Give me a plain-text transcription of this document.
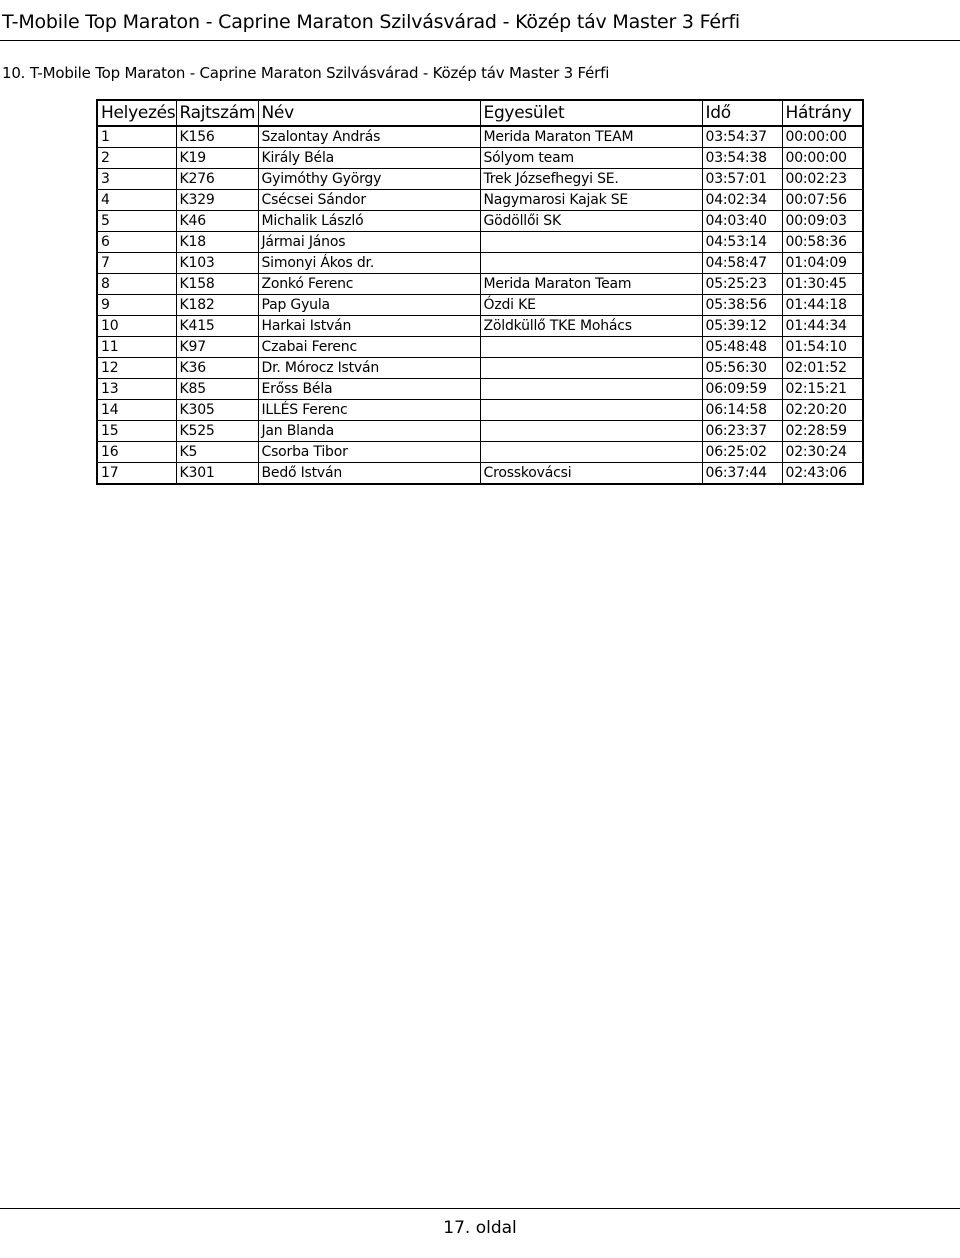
T-Mobile Top Maraton - Caprine Maraton Szilvásvárad - Közép táv Master 3 Férfi
10. T-Mobile Top Maraton - Caprine Maraton Szilvásvárad - Közép táv Master 3 Férfi
Helyezés	Rajtszám	Név	Egyesület	Idő	Hátrány
1	K156	Szalontay András	Merida Maraton TEAM	03:54:37	00:00:00
2	K19	Király Béla	Sólyom team	03:54:38	00:00:00
3	K276	Gyimóthy György	Trek Józsefhegyi SE.	03:57:01	00:02:23
4	K329	Csécsei Sándor	Nagymarosi Kajak SE	04:02:34	00:07:56
5	K46	Michalik László	Gödöllői SK	04:03:40	00:09:03
6	K18	Jármai János		04:53:14	00:58:36
7	K103	Simonyi Ákos dr.		04:58:47	01:04:09
8	K158	Zonkó Ferenc	Merida Maraton Team	05:25:23	01:30:45
9	K182	Pap Gyula	Ózdi KE	05:38:56	01:44:18
10	K415	Harkai István	Zöldküllő TKE Mohács	05:39:12	01:44:34
11	K97	Czabai Ferenc		05:48:48	01:54:10
12	K36	Dr. Mórocz István		05:56:30	02:01:52
13	K85	Erőss Béla		06:09:59	02:15:21
14	K305	ILLÉS Ferenc		06:14:58	02:20:20
15	K525	Jan Blanda		06:23:37	02:28:59
16	K5	Csorba Tibor		06:25:02	02:30:24
17	K301	Bedő István	Crosskovácsi	06:37:44	02:43:06
17. oldal
